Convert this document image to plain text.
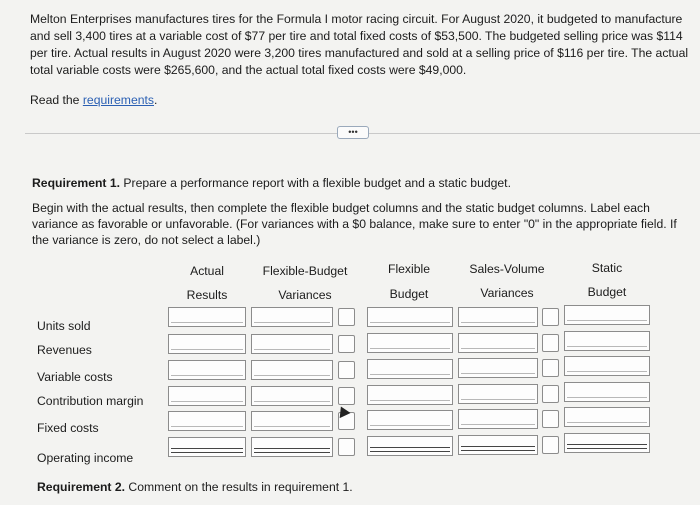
Melton Enterprises manufactures tires for the Formula I motor racing circuit. For August 2020, it budgeted to manufacture and sell 3,400 tires at a variable cost of $77 per tire and total fixed costs of $53,500. The budgeted selling price was $114 per tire. Actual results in August 2020 were 3,200 tires manufactured and sold at a selling price of $116 per tire. The actual total variable costs were $265,600, and the actual total fixed costs were $49,000.

Read the requirements.
•••
Requirement 1. Prepare a performance report with a flexible budget and a static budget.
Begin with the actual results, then complete the flexible budget columns and the static budget columns. Label each variance as favorable or unfavorable. (For variances with a $0 balance, make sure to enter "0" in the appropriate field. If the variance is zero, do not select a label.)
Actual
Results
Flexible-Budget
Variances
Flexible
Budget
Sales-Volume
Variances
Static
Budget
Units sold
Revenues
Variable costs
Contribution margin
Fixed costs
Operating income
Requirement 2. Comment on the results in requirement 1.
